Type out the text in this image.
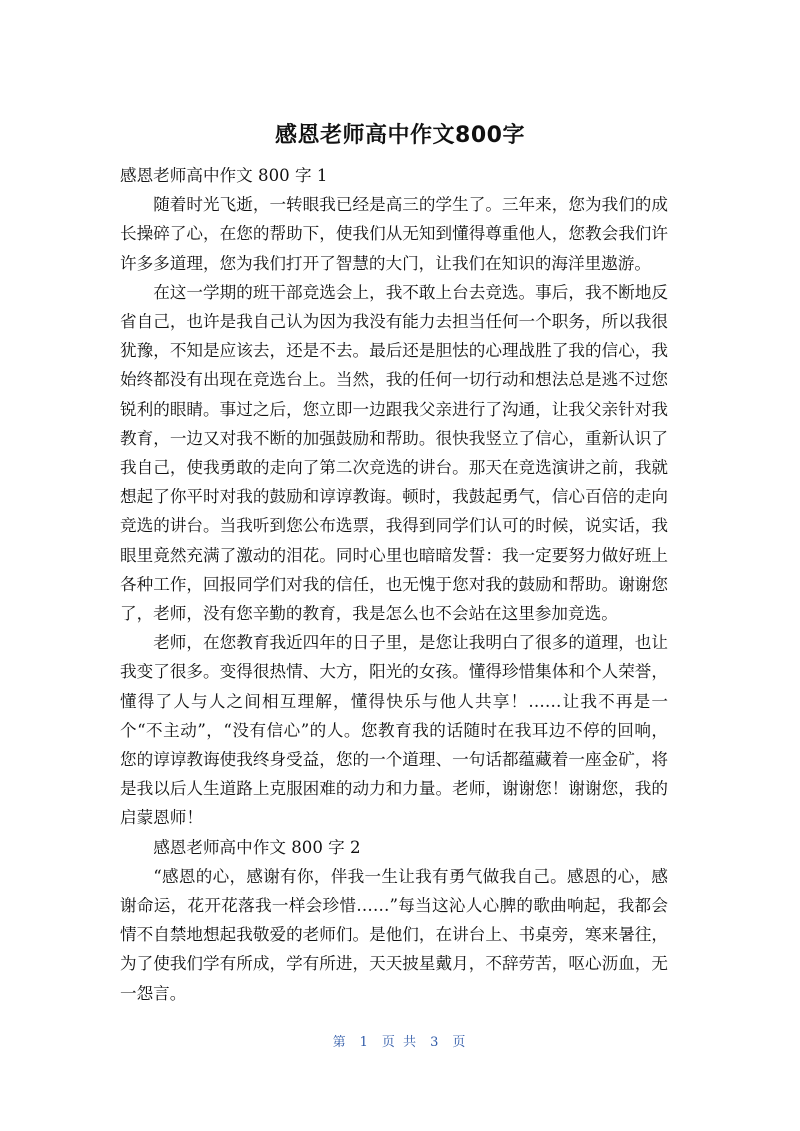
感恩老师高中作文800字

感恩老师高中作文 800 字 1

随着时光飞逝，一转眼我已经是高三的学生了。三年来，您为我们的成长操碎了心，在您的帮助下，使我们从无知到懂得尊重他人，您教会我们许许多多道理，您为我们打开了智慧的大门，让我们在知识的海洋里遨游。

在这一学期的班干部竞选会上，我不敢上台去竞选。事后，我不断地反省自己，也许是我自己认为因为我没有能力去担当任何一个职务，所以我很犹豫，不知是应该去，还是不去。最后还是胆怯的心理战胜了我的信心，我始终都没有出现在竞选台上。当然，我的任何一切行动和想法总是逃不过您锐利的眼睛。事过之后，您立即一边跟我父亲进行了沟通，让我父亲针对我教育，一边又对我不断的加强鼓励和帮助。很快我竖立了信心，重新认识了我自己，使我勇敢的走向了第二次竞选的讲台。那天在竞选演讲之前，我就想起了你平时对我的鼓励和谆谆教诲。顿时，我鼓起勇气，信心百倍的走向竞选的讲台。当我听到您公布选票，我得到同学们认可的时候，说实话，我眼里竟然充满了激动的泪花。同时心里也暗暗发誓：我一定要努力做好班上各种工作，回报同学们对我的信任，也无愧于您对我的鼓励和帮助。谢谢您了，老师，没有您辛勤的教育，我是怎么也不会站在这里参加竞选。

老师，在您教育我近四年的日子里，是您让我明白了很多的道理，也让我变了很多。变得很热情、大方，阳光的女孩。懂得珍惜集体和个人荣誉，懂得了人与人之间相互理解，懂得快乐与他人共享！……让我不再是一个“不主动”，“没有信心”的人。您教育我的话随时在我耳边不停的回响，您的谆谆教诲使我终身受益，您的一个道理、一句话都蕴藏着一座金矿，将是我以后人生道路上克服困难的动力和力量。老师，谢谢您！谢谢您，我的启蒙恩师！

感恩老师高中作文 800 字 2

“感恩的心，感谢有你，伴我一生让我有勇气做我自己。感恩的心，感谢命运，花开花落我一样会珍惜……”每当这沁人心脾的歌曲响起，我都会情不自禁地想起我敬爱的老师们。是他们，在讲台上、书桌旁，寒来暑往，为了使我们学有所成，学有所进，天天披星戴月，不辞劳苦，呕心沥血，无一怨言。

第 1 页 共 3 页
